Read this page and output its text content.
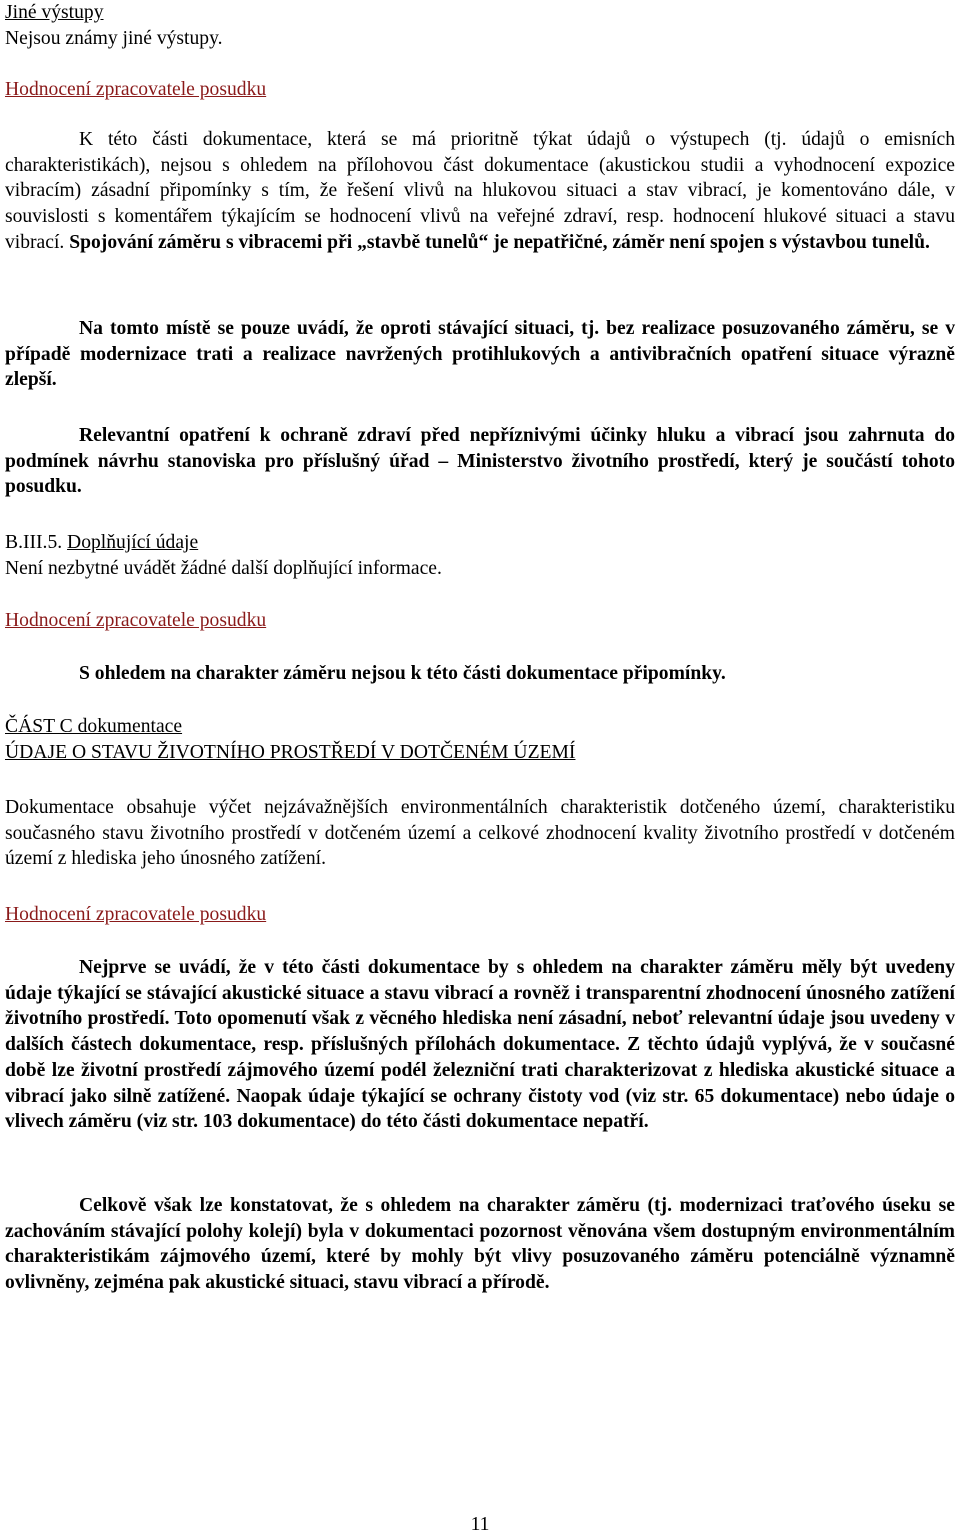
Jiné výstupy

Nejsou známy jiné výstupy.

Hodnocení zpracovatele posudku

K této části dokumentace, která se má prioritně týkat údajů o výstupech (tj. údajů o emisních charakteristikách), nejsou s ohledem na přílohovou část dokumentace (akustickou studii a vyhodnocení expozice vibracím) zásadní připomínky s tím, že řešení vlivů na hlukovou situaci a stav vibrací, je komentováno dále, v souvislosti s komentářem týkajícím se hodnocení vlivů na veřejné zdraví, resp. hodnocení hlukové situaci a stavu vibrací. Spojování záměru s vibracemi při „stavbě tunelů“ je nepatřičné, záměr není spojen s výstavbou tunelů.

Na tomto místě se pouze uvádí, že oproti stávající situaci, tj. bez realizace posuzovaného záměru, se v případě modernizace trati a realizace navržených protihlukových a antivibračních opatření situace výrazně zlepší.

Relevantní opatření k ochraně zdraví před nepříznivými účinky hluku a vibrací jsou zahrnuta do podmínek návrhu stanoviska pro příslušný úřad – Ministerstvo životního prostředí, který je součástí tohoto posudku.

B.III.5. Doplňující údaje

Není nezbytné uvádět žádné další doplňující informace.

Hodnocení zpracovatele posudku

S ohledem na charakter záměru nejsou k této části dokumentace připomínky.

ČÁST C dokumentace

ÚDAJE O STAVU ŽIVOTNÍHO PROSTŘEDÍ V DOTČENÉM ÚZEMÍ

Dokumentace obsahuje výčet nejzávažnějších environmentálních charakteristik dotčeného území, charakteristiku současného stavu životního prostředí v dotčeném území a celkové zhodnocení kvality životního prostředí v dotčeném území z hlediska jeho únosného zatížení.

Hodnocení zpracovatele posudku

Nejprve se uvádí, že v této části dokumentace by s ohledem na charakter záměru měly být uvedeny údaje týkající se stávající akustické situace a stavu vibrací a rovněž i transparentní zhodnocení únosného zatížení životního prostředí. Toto opomenutí však z věcného hlediska není zásadní, neboť relevantní údaje jsou uvedeny v dalších částech dokumentace, resp. příslušných přílohách dokumentace. Z těchto údajů vyplývá, že v současné době lze životní prostředí zájmového území podél železniční trati charakterizovat z hlediska akustické situace a vibrací jako silně zatížené. Naopak údaje týkající se ochrany čistoty vod (viz str. 65 dokumentace) nebo údaje o vlivech záměru (viz str. 103 dokumentace) do této části dokumentace nepatří.

Celkově však lze konstatovat, že s ohledem na charakter záměru (tj. modernizaci traťového úseku se zachováním stávající polohy kolejí) byla v dokumentaci pozornost věnována všem dostupným environmentálním charakteristikám zájmového území, které by mohly být vlivy posuzovaného záměru potenciálně významně ovlivněny, zejména pak akustické situaci, stavu vibrací a přírodě.

11
